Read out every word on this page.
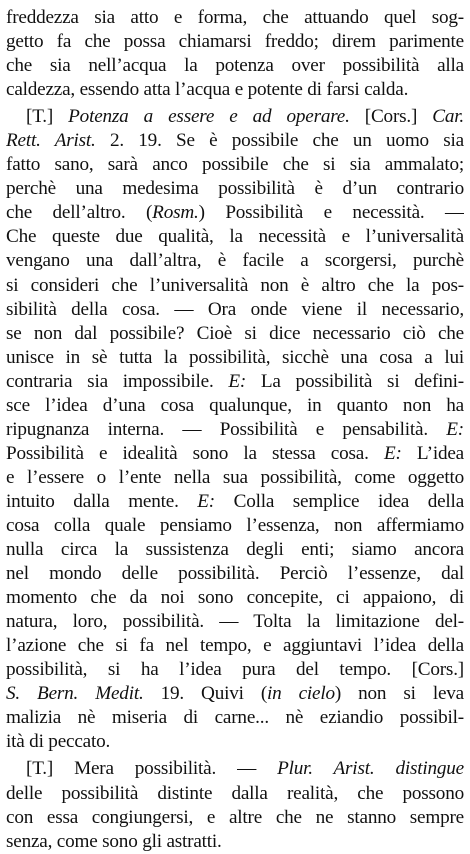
freddezza sia atto e forma, che attuando quel sog-
getto fa che possa chiamarsi freddo; direm parimente
che sia nell’acqua la potenza over possibilità alla
caldezza, essendo atta l’acqua e potente di farsi calda.
[T.] Potenza a essere e ad operare. [Cors.] Car.
Rett. Arist. 2. 19. Se è possibile che un uomo sia
fatto sano, sarà anco possibile che si sia ammalato;
perchè una medesima possibilità è d’un contrario
che dell’altro. (Rosm.) Possibilità e necessità. —
Che queste due qualità, la necessità e l’universalità
vengano una dall’altra, è facile a scorgersi, purchè
si consideri che l’universalità non è altro che la pos-
sibilità della cosa. — Ora onde viene il necessario,
se non dal possibile? Cioè si dice necessario ciò che
unisce in sè tutta la possibilità, sicchè una cosa a lui
contraria sia impossibile. E: La possibilità si defini-
sce l’idea d’una cosa qualunque, in quanto non ha
ripugnanza interna. — Possibilità e pensabilità. E:
Possibilità e idealità sono la stessa cosa. E: L’idea
e l’essere o l’ente nella sua possibilità, come oggetto
intuito dalla mente. E: Colla semplice idea della
cosa colla quale pensiamo l’essenza, non affermiamo
nulla circa la sussistenza degli enti; siamo ancora
nel mondo delle possibilità. Perciò l’essenze, dal
momento che da noi sono concepite, ci appaiono, di
natura, loro, possibilità. — Tolta la limitazione del-
l’azione che si fa nel tempo, e aggiuntavi l’idea della
possibilità, si ha l’idea pura del tempo. [Cors.]
S. Bern. Medit. 19. Quivi (in cielo) non si leva
malizia nè miseria di carne... nè eziandio possibil-
ità di peccato.
[T.] Mera possibilità. — Plur. Arist. distingue
delle possibilità distinte dalla realità, che possono
con essa congiungersi, e altre che ne stanno sempre
senza, come sono gli astratti.
